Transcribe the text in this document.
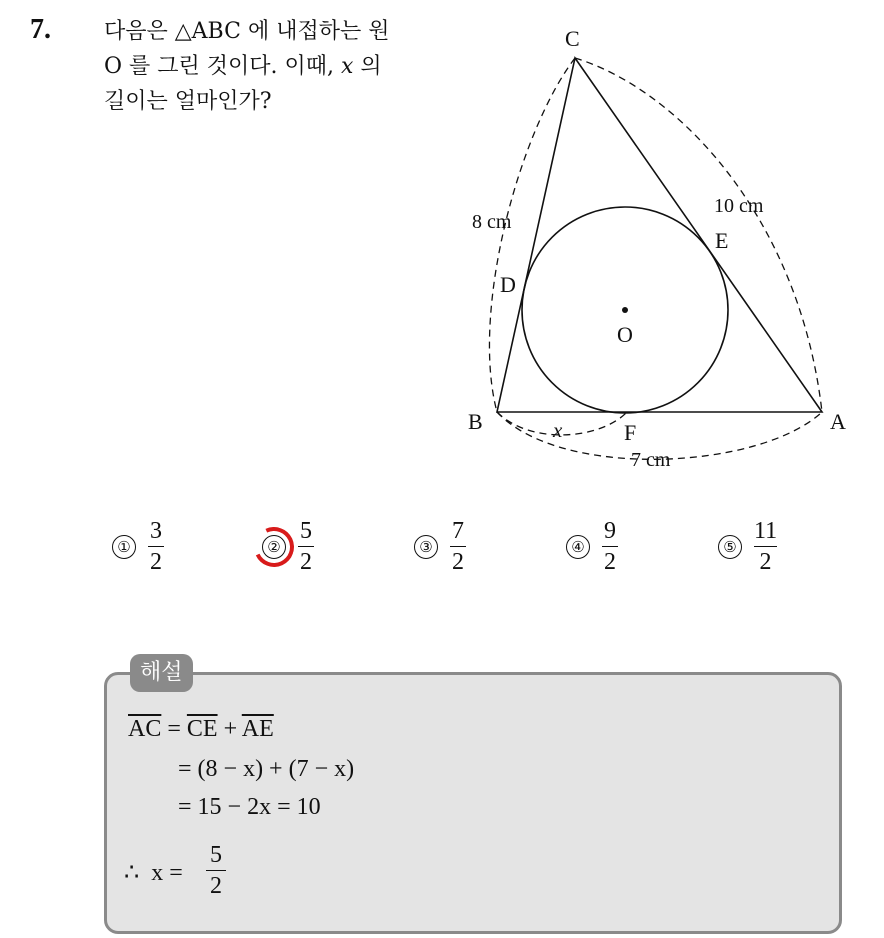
7. 다음은 △ABC 에 내접하는 원

O 를 그린 것이다. 이때, x 의

길이는 얼마인가?

C
E
D
O
B	F	A
x
8 cm
10 cm
7 cm
① $\frac{3}{2}$	② $\frac{5}{2}$	③ $\frac{7}{2}$	④ $\frac{9}{2}$	⑤ $\frac{11}{2}$
해설
$\overline{AC} = \overline{CE} + \overline{AE}$
= (8 − x) + (7 − x)
= 15 − 2x = 10
∴  x =
5
2
